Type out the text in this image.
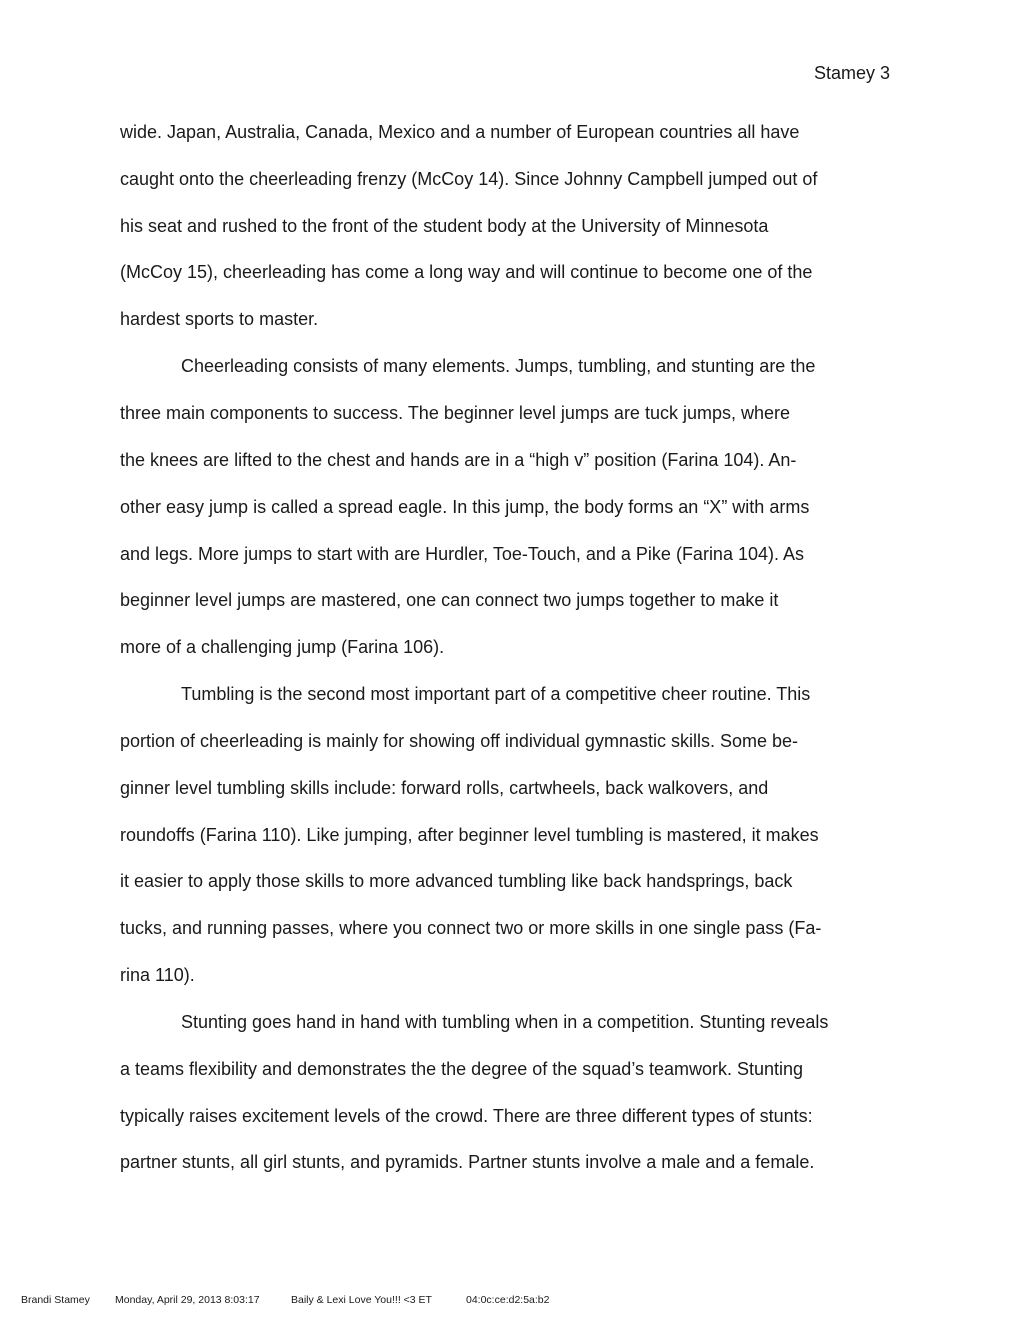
Stamey 3
wide. Japan, Australia, Canada, Mexico and a number of European countries all have
caught onto the cheerleading frenzy (McCoy 14). Since Johnny Campbell jumped out of
his seat and rushed to the front of the student body at the University of Minnesota
(McCoy 15), cheerleading has come a long way and will continue to become one of the
hardest sports to master.
Cheerleading consists of many elements. Jumps, tumbling, and stunting are the
three main components to success. The beginner level jumps are tuck jumps, where
the knees are lifted to the chest and hands are in a “high v” position (Farina 104). An-
other easy jump is called a spread eagle. In this jump, the body forms an “X” with arms
and legs. More jumps to start with are Hurdler, Toe-Touch, and a Pike (Farina 104). As
beginner level jumps are mastered, one can connect two jumps together to make it
more of a challenging jump (Farina 106).
Tumbling is the second most important part of a competitive cheer routine. This
portion of cheerleading is mainly for showing off individual gymnastic skills. Some be-
ginner level tumbling skills include: forward rolls, cartwheels, back walkovers, and
roundoffs (Farina 110). Like jumping, after beginner level tumbling is mastered, it makes
it easier to apply those skills to more advanced tumbling like back handsprings, back
tucks, and running passes, where you connect two or more skills in one single pass (Fa-
rina 110).
Stunting goes hand in hand with tumbling when in a competition. Stunting reveals
a teams flexibility and demonstrates the the degree of the squad’s teamwork. Stunting
typically raises excitement levels of the crowd. There are three different types of stunts:
partner stunts, all girl stunts, and pyramids. Partner stunts involve a male and a female.
Brandi Stamey Monday, April 29, 2013 8:03:17	Baily & Lexi Love You!!! <3 ET	04:0c:ce:d2:5a:b2
